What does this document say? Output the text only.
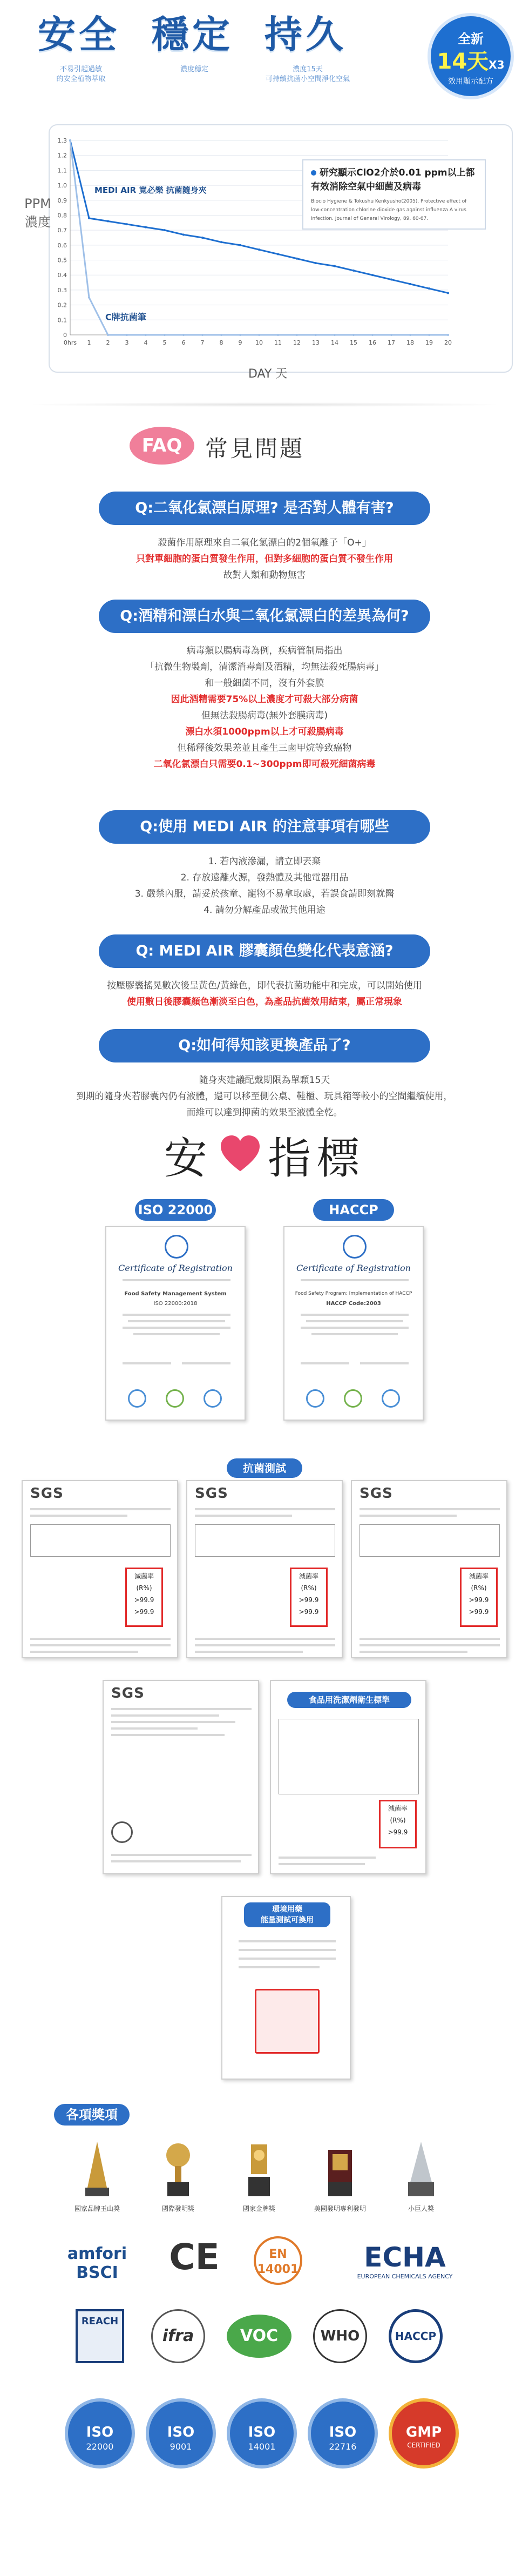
安全
不易引起過敏
的安全植物萃取
穩定
濃度穩定
持久
濃度15天
可持續抗菌小空間淨化空氣
全新
14天X3
效用顯示配方
PPM 濃度
0
0.1
0.2
0.3
0.4
0.5
0.6
0.7
0.8
0.9
1.0
1.1
1.2
1.3
0hrs 1	2	3	4	5	6	7	8	9 10 11 12 13 14 15 16 17 18 19 20
MEDI AIR 寬必樂 抗菌隨身夾
C牌抗菌筆
研究顯示ClO2介於0.01 ppm以上都有效消除空氣中細菌及病毒
Biocio Hygiene & Tokushu Kenkyusho(2005). Protective effect of low-concentration chlorine dioxide gas against influenza A virus infection. Journal of General Virology, 89, 60-67.
DAY 天
FAQ	常見問題
Q:二氧化氯漂白原理? 是否對人體有害?
殺菌作用原理來自二氧化氯漂白的2個氧離子「O+」
只對單細胞的蛋白質發生作用，但對多細胞的蛋白質不發生作用
故對人類和動物無害
Q:酒精和漂白水與二氧化氯漂白的差異為何?
病毒類以腸病毒為例，疾病管制局指出
「抗微生物製劑，清潔消毒劑及酒精，均無法殺死腸病毒」
和一般細菌不同，沒有外套膜
因此酒精需要75%以上濃度才可殺大部分病菌
但無法殺腸病毒(無外套膜病毒)
漂白水須1000ppm以上才可殺腸病毒
但稀釋後效果差並且產生三鹵甲烷等致癌物
二氧化氯漂白只需要0.1~300ppm即可殺死細菌病毒
Q:使用 MEDI AIR 的注意事項有哪些
1. 若內液滲漏，請立即丟棄
2. 存放遠離火源，發熱體及其他電器用品
3. 嚴禁內服，請妥於孩童、寵物不易拿取處，若誤食請即刻就醫
4. 請勿分解產品或做其他用途
Q: MEDI AIR 膠囊顏色變化代表意涵?
按壓膠囊搖晃數次後呈黃色/黃綠色，即代表抗菌功能中和完成，可以開始使用
使用數日後膠囊顏色漸淡至白色，為產品抗菌效用結束，屬正常現象
Q:如何得知該更換產品了?
隨身夾建議配戴期限為單顆15天
到期的隨身夾若膠囊內仍有液體，還可以移至側公桌、鞋櫃、玩具箱等較小的空間繼續使用，
而維可以達到抑菌的效果至液體全乾。
安 指標
ISO 22000	HACCP
Certificate of Registration
Food Safety Management System
ISO 22000:2018
Certificate of Registration
Food Safety Program: Implementation of HACCP
HACCP Code:2003
抗菌測試
SGS
減菌率
(R%)
>99.9
>99.9
SGS
減菌率
(R%)
>99.9
>99.9
SGS
減菌率
(R%)
>99.9
>99.9
SGS	食品用洗潔劑衛生標準
減菌率
(R%)
>99.9
環境用藥
能量測試可換用
各項獎項
國家品牌玉山獎	國際發明獎	國家金牌獎	美國發明專利發明	小巨人獎
amfori BSCI	CE	EN 14001	ECHA
EUROPEAN CHEMICALS AGENCY
REACH
ifra	VOC	WHO	HACCP
ISO
22000
ISO
9001
ISO
14001
ISO
22716
GMP
CERTIFIED
